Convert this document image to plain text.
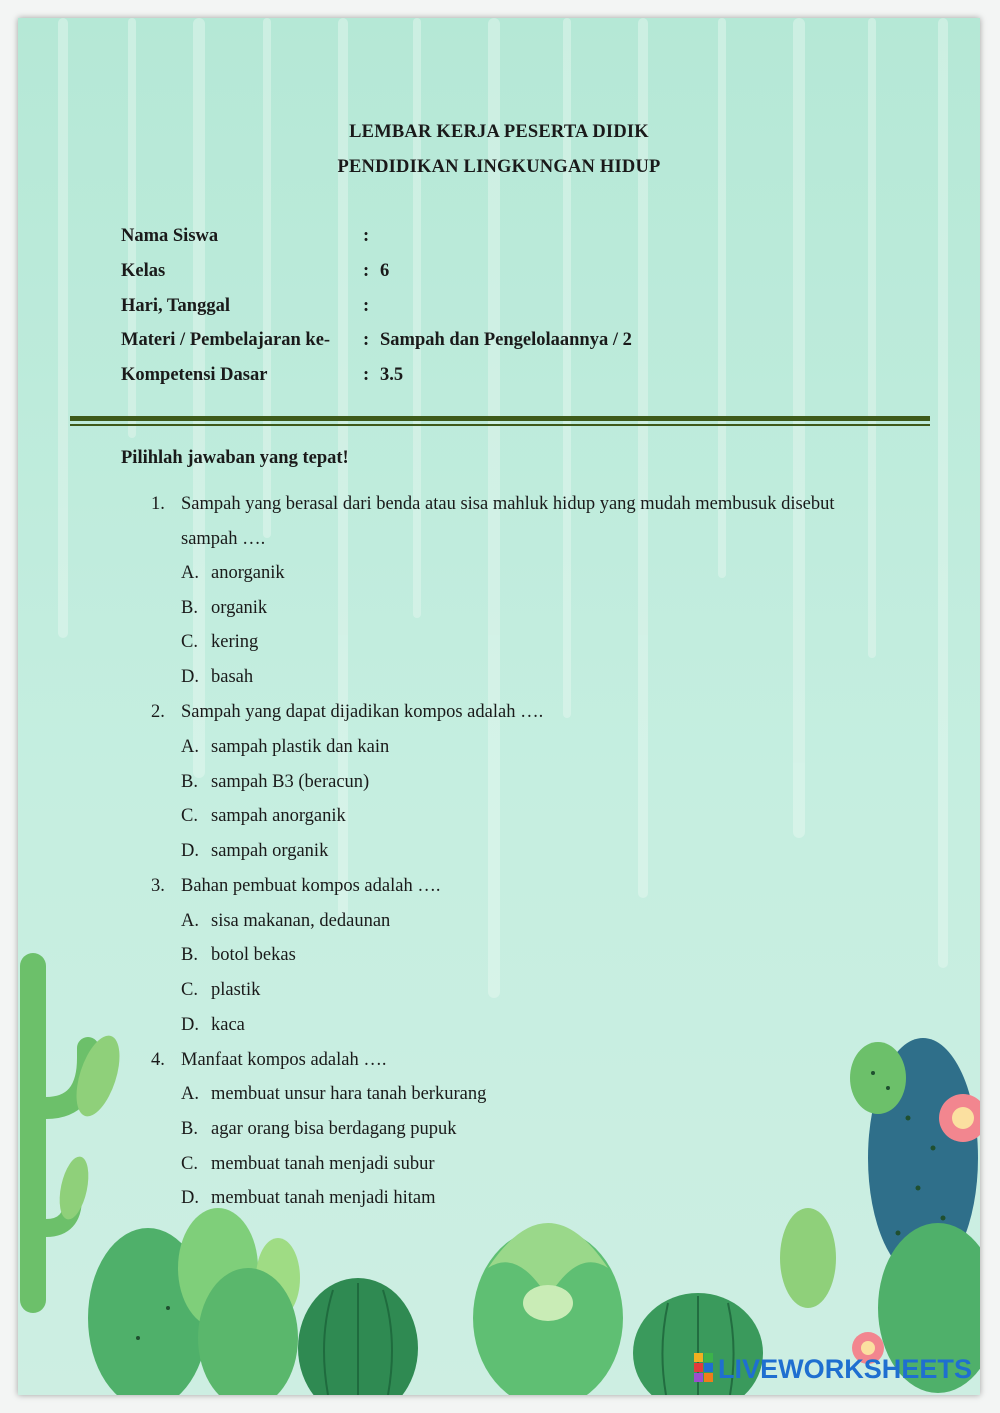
LEMBAR KERJA PESERTA DIDIK
PENDIDIKAN LINGKUNGAN HIDUP
Nama Siswa	:
Kelas	: 6
Hari, Tanggal	:
Materi / Pembelajaran ke- : Sampah dan Pengelolaannya / 2
Kompetensi Dasar	: 3.5
Pilihlah jawaban yang tepat!
1. Sampah yang berasal dari benda atau sisa mahluk hidup yang mudah membusuk disebut
sampah ….
A. anorganik
B. organik
C. kering
D. basah
2. Sampah yang dapat dijadikan kompos adalah ….
A. sampah plastik dan kain
B. sampah B3 (beracun)
C. sampah anorganik
D. sampah organik
3. Bahan pembuat kompos adalah ….
A. sisa makanan, dedaunan
B. botol bekas
C. plastik
D. kaca
4. Manfaat kompos adalah ….
A. membuat unsur hara tanah berkurang
B. agar orang bisa berdagang pupuk
C. membuat tanah menjadi subur
D. membuat tanah menjadi hitam
LIVEWORKSHEETS
